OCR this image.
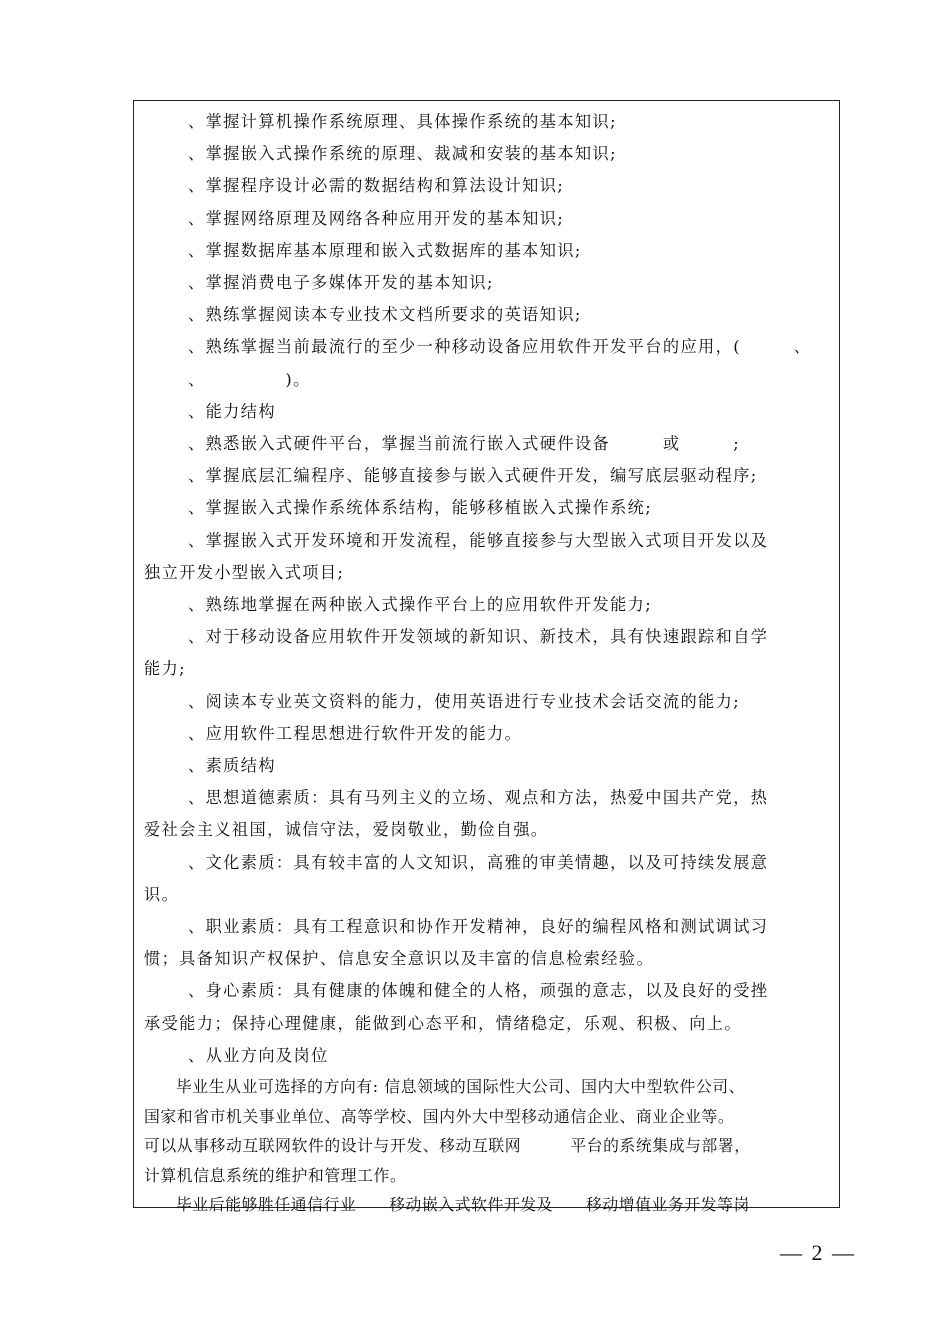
、掌握计算机操作系统原理、具体操作系统的基本知识;
、掌握嵌入式操作系统的原理、裁减和安装的基本知识;
、掌握程序设计必需的数据结构和算法设计知识;
、掌握网络原理及网络各种应用开发的基本知识;
、掌握数据库基本原理和嵌入式数据库的基本知识;
、掌握消费电子多媒体开发的基本知识;
、熟练掌握阅读本专业技术文档所要求的英语知识;
、熟练掌握当前最流行的至少一种移动设备应用软件开发平台的应用，(　　　、
、　　　　　)。
、能力结构
、熟悉嵌入式硬件平台，掌握当前流行嵌入式硬件设备　　　或　　　;
、掌握底层汇编程序、能够直接参与嵌入式硬件开发，编写底层驱动程序;
、掌握嵌入式操作系统体系结构，能够移植嵌入式操作系统;
、掌握嵌入式开发环境和开发流程，能够直接参与大型嵌入式项目开发以及
独立开发小型嵌入式项目;
、熟练地掌握在两种嵌入式操作平台上的应用软件开发能力;
、对于移动设备应用软件开发领域的新知识、新技术，具有快速跟踪和自学
能力;
、阅读本专业英文资料的能力，使用英语进行专业技术会话交流的能力;
、应用软件工程思想进行软件开发的能力。
、素质结构
、思想道德素质：具有马列主义的立场、观点和方法，热爱中国共产党，热
爱社会主义祖国，诚信守法，爱岗敬业，勤俭自强。
、文化素质：具有较丰富的人文知识，高雅的审美情趣，以及可持续发展意
识。
、职业素质：具有工程意识和协作开发精神，良好的编程风格和测试调试习
惯；具备知识产权保护、信息安全意识以及丰富的信息检索经验。
、身心素质：具有健康的体魄和健全的人格，顽强的意志，以及良好的受挫
承受能力；保持心理健康，能做到心态平和，情绪稳定，乐观、积极、向上。
、从业方向及岗位
毕业生从业可选择的方向有: 信息领域的国际性大公司、国内大中型软件公司、
国家和省市机关事业单位、高等学校、国内外大中型移动通信企业、商业企业等。
可以从事移动互联网软件的设计与开发、移动互联网　　　平台的系统集成与部署，
计算机信息系统的维护和管理工作。
毕业后能够胜任通信行业　　移动嵌入式软件开发及　　移动增值业务开发等岗
— 2 —
